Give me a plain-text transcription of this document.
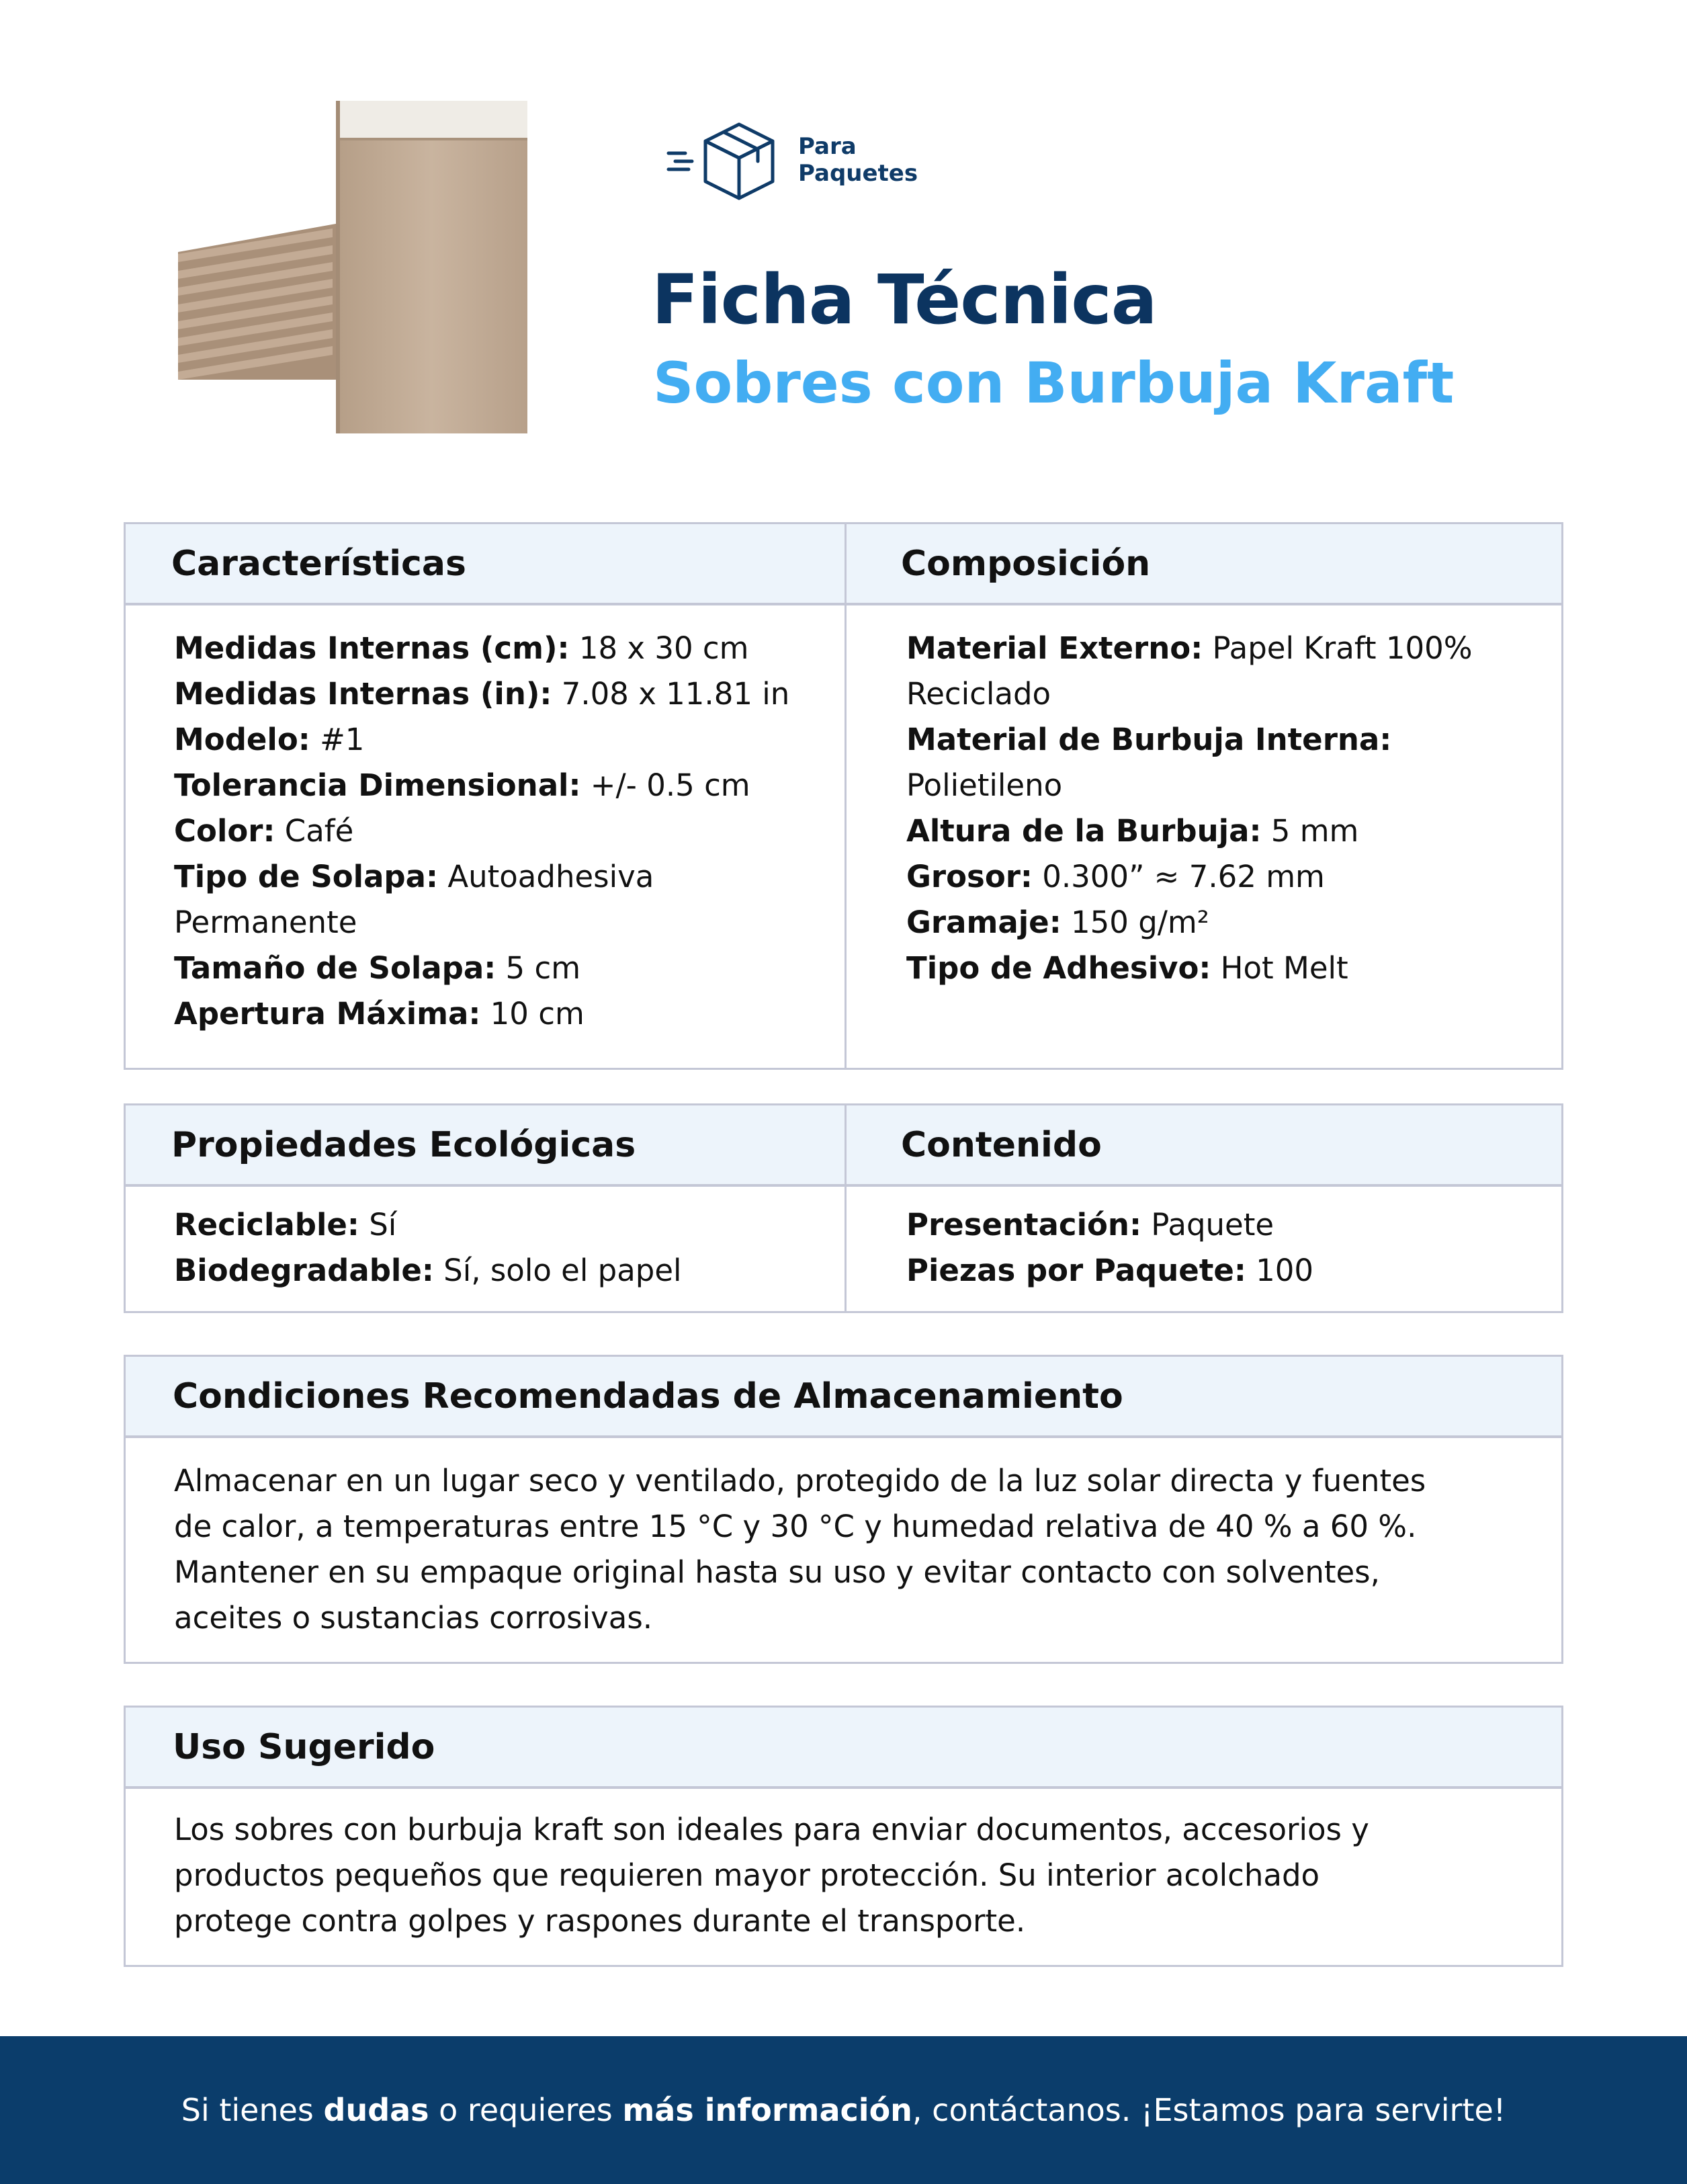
Para
Paquetes
Ficha Técnica
Sobres con Burbuja Kraft
Características
Medidas Internas (cm): 18 x 30 cm
Medidas Internas (in): 7.08 x 11.81 in
Modelo: #1
Tolerancia Dimensional: +/- 0.5 cm
Color: Café
Tipo de Solapa: Autoadhesiva
Permanente
Tamaño de Solapa: 5 cm
Apertura Máxima: 10 cm
Composición
Material Externo: Papel Kraft 100%
Reciclado
Material de Burbuja Interna:
Polietileno
Altura de la Burbuja: 5 mm
Grosor: 0.300” ≈ 7.62 mm
Gramaje: 150 g/m²
Tipo de Adhesivo: Hot Melt
Propiedades Ecológicas
Reciclable: Sí
Biodegradable: Sí, solo el papel
Contenido
Presentación: Paquete
Piezas por Paquete: 100
Condiciones Recomendadas de Almacenamiento
Almacenar en un lugar seco y ventilado, protegido de la luz solar directa y fuentes
de calor, a temperaturas entre 15 °C y 30 °C y humedad relativa de 40 % a 60 %.
Mantener en su empaque original hasta su uso y evitar contacto con solventes,
aceites o sustancias corrosivas.
Uso Sugerido
Los sobres con burbuja kraft son ideales para enviar documentos, accesorios y
productos pequeños que requieren mayor protección. Su interior acolchado
protege contra golpes y raspones durante el transporte.
Si tienes dudas o requieres más información, contáctanos. ¡Estamos para servirte!
